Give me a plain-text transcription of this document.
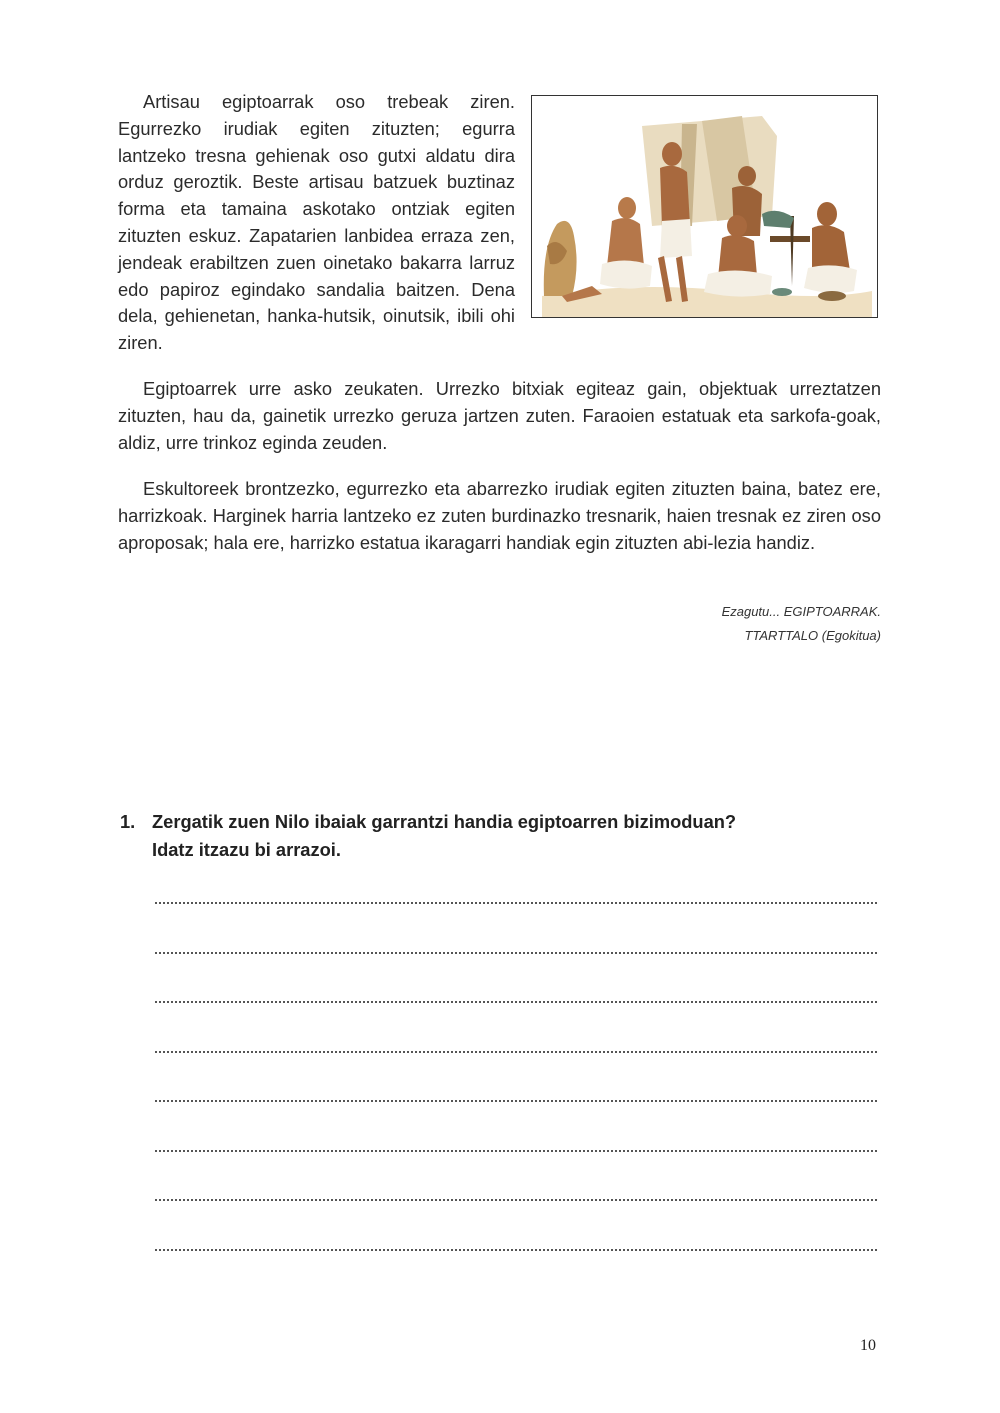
Artisau egiptoarrak oso trebeak ziren. Egurrezko irudiak egiten zituzten; egurra lantzeko tresna gehienak oso gutxi aldatu dira orduz geroztik. Beste artisau batzuek buztinaz forma eta tamaina askotako ontziak egiten zituzten eskuz. Zapatarien lanbidea erraza zen, jendeak erabiltzen zuen oinetako bakarra larruz edo papiroz egindako sandalia baitzen. Dena dela, gehienetan, hanka-hutsik, oinutsik, ibili ohi ziren.

Egiptoarrek urre asko zeukaten. Urrezko bitxiak egiteaz gain, objektuak urreztatzen zituzten, hau da, gainetik urrezko geruza jartzen zuten. Faraoien estatuak eta sarkofa-goak, aldiz, urre trinkoz eginda zeuden.

Eskultoreek brontzezko, egurrezko eta abarrezko irudiak egiten zituzten baina, batez ere, harrizkoak. Harginek harria lantzeko ez zuten burdinazko tresnarik, haien tresnak ez ziren oso aproposak; hala ere, harrizko estatua ikaragarri handiak egin zituzten abi-lezia handiz.

Ezagutu... EGIPTOARRAK.
TTARTTALO (Egokitua)
1. Zergatik zuen Nilo ibaiak garrantzi handia egiptoarren bizimoduan?
Idatz itzazu bi arrazoi.
10
